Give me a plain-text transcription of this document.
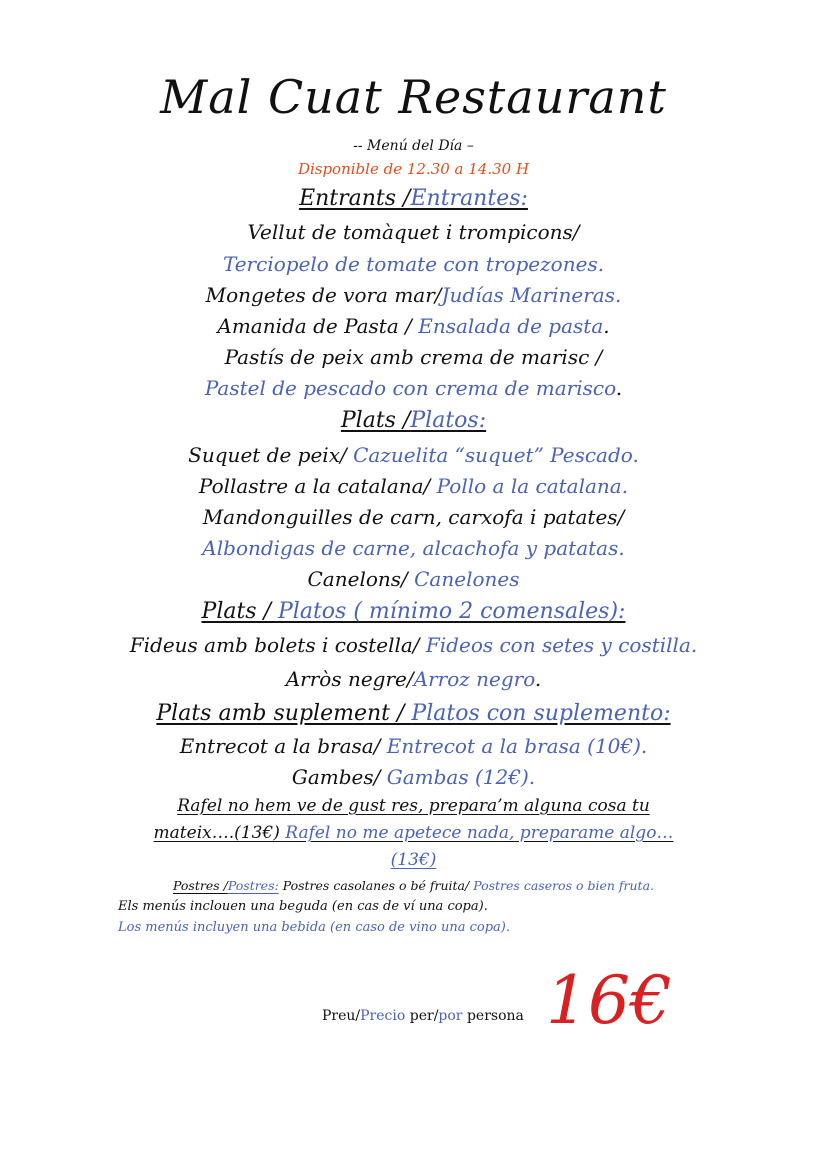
Mal Cuat Restaurant
-- Menú del Día –
Disponible de 12.30 a 14.30 H
Entrants /Entrantes:
Vellut de tomàquet i trompicons/
Terciopelo de tomate con tropezones.
Mongetes de vora mar/Judías Marineras.
Amanida de Pasta / Ensalada de pasta.
Pastís de peix amb crema de marisc /
Pastel de pescado con crema de marisco.
Plats /Platos:
Suquet de peix/ Cazuelita “suquet” Pescado.
Pollastre a la catalana/ Pollo a la catalana.
Mandonguilles de carn, carxofa i patates/
Albondigas de carne, alcachofa y patatas.
Canelons/ Canelones
Plats / Platos ( mínimo 2 comensales):
Fideus amb bolets i costella/ Fideos con setes y costilla.
Arròs negre/Arroz negro.
Plats amb suplement / Platos con suplemento:
Entrecot a la brasa/ Entrecot a la brasa (10€).
Gambes/ Gambas (12€).
Rafel no hem ve de gust res, prepara’m alguna cosa tu
mateix….(13€) Rafel no me apetece nada, preparame algo…
(13€)
Postres /Postres: Postres casolanes o bé fruita/ Postres caseros o bien fruta.
Els menús inclouen una beguda (en cas de ví una copa).
Los menús incluyen una bebida (en caso de vino una copa).
Preu/Precio per/por persona 16€
